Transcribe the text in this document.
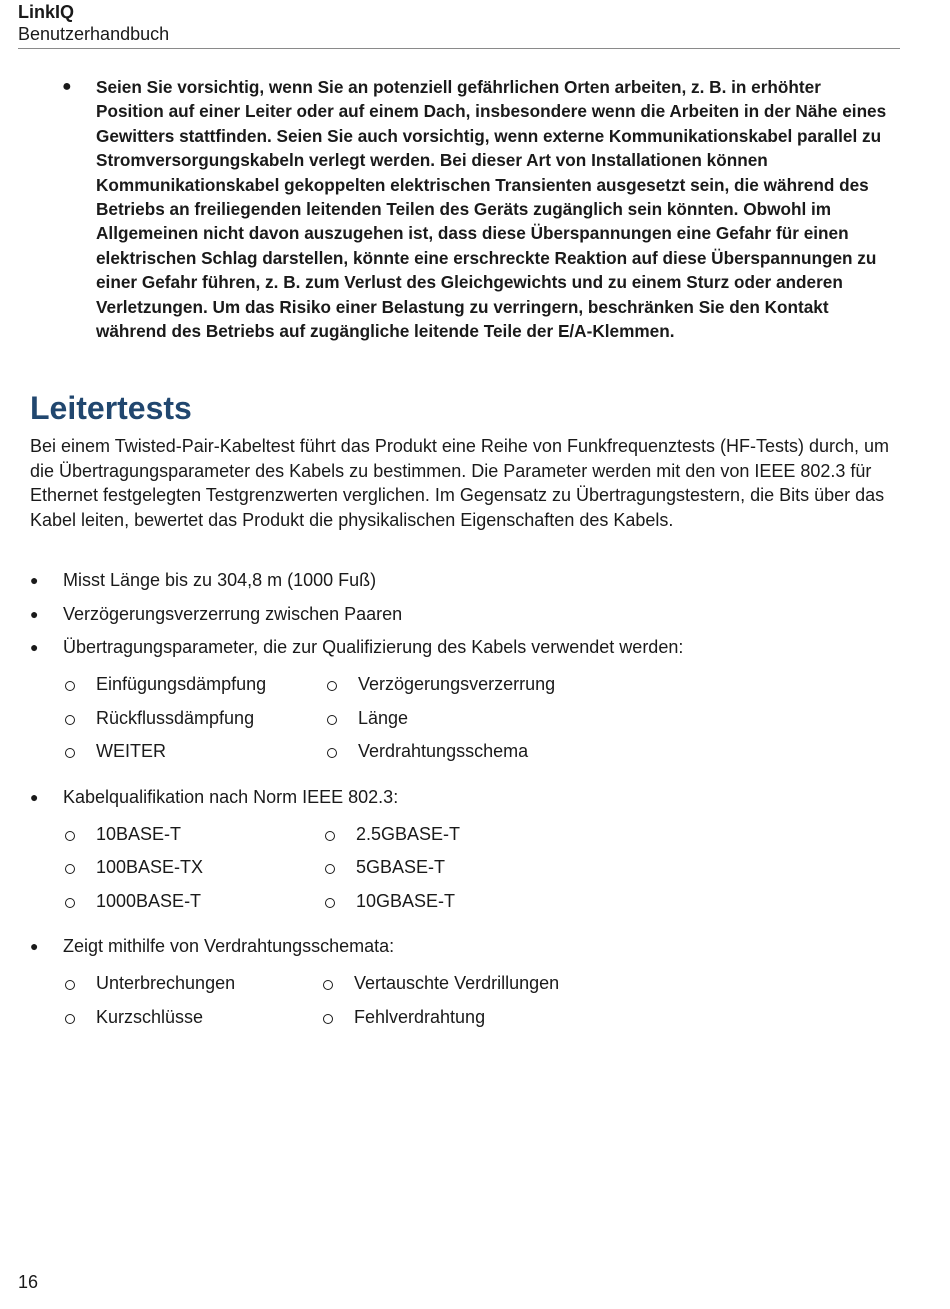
LinkIQ
Benutzerhandbuch
● Seien Sie vorsichtig, wenn Sie an potenziell gefährlichen Orten arbeiten, z. B. in erhöhter Position auf einer Leiter oder auf einem Dach, insbesondere wenn die Arbeiten in der Nähe eines Gewitters stattfinden. Seien Sie auch vorsichtig, wenn externe Kommunikationskabel parallel zu Stromversorgungskabeln verlegt werden. Bei dieser Art von Installationen können Kommunikationskabel gekoppelten elektrischen Transienten ausgesetzt sein, die während des Betriebs an freiliegenden leitenden Teilen des Geräts zugänglich sein könnten. Obwohl im Allgemeinen nicht davon auszugehen ist, dass diese Überspannungen eine Gefahr für einen elektrischen Schlag darstellen, könnte eine erschreckte Reaktion auf diese Überspannungen zu einer Gefahr führen, z. B. zum Verlust des Gleichgewichts und zu einem Sturz oder anderen Verletzungen. Um das Risiko einer Belastung zu verringern, beschränken Sie den Kontakt während des Betriebs auf zugängliche leitende Teile der E/A-Klemmen.

Leitertests

Bei einem Twisted-Pair-Kabeltest führt das Produkt eine Reihe von Funkfrequenztests (HF-Tests) durch, um die Übertragungsparameter des Kabels zu bestimmen. Die Parameter werden mit den von IEEE 802.3 für Ethernet festgelegten Testgrenzwerten verglichen. Im Gegensatz zu Übertragungstestern, die Bits über das Kabel leiten, bewertet das Produkt die physikalischen Eigenschaften des Kabels.

● Misst Länge bis zu 304,8 m (1000 Fuß)
● Verzögerungsverzerrung zwischen Paaren
● Übertragungsparameter, die zur Qualifizierung des Kabels verwendet werden:
Einfügungsdämpfung	Verzögerungsverzerrung
Rückflussdämpfung	Länge
WEITER	Verdrahtungsschema
● Kabelqualifikation nach Norm IEEE 802.3:
10BASE-T	2.5GBASE-T
100BASE-TX	5GBASE-T
1000BASE-T	10GBASE-T
● Zeigt mithilfe von Verdrahtungsschemata:
Unterbrechungen	Vertauschte Verdrillungen
Kurzschlüsse	Fehlverdrahtung
16
